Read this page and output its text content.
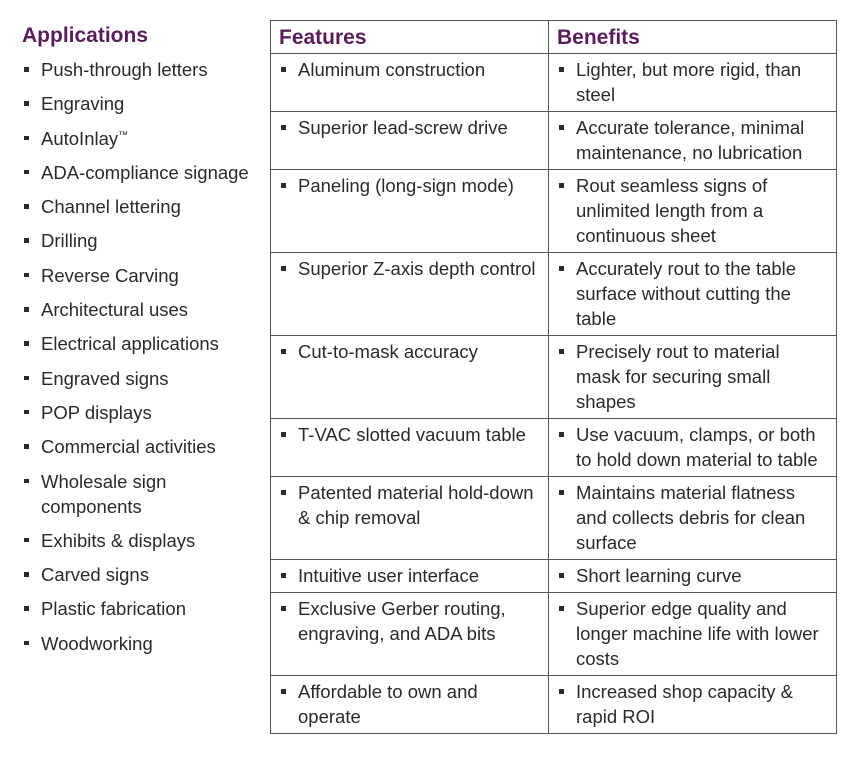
Applications
Push-through letters
Engraving
AutoInlay™
ADA-compliance signage
Channel lettering
Drilling
Reverse Carving
Architectural uses
Electrical applications
Engraved signs
POP displays
Commercial activities
Wholesale sign components
Exhibits & displays
Carved signs
Plastic fabrication
Woodworking
Features	Benefits

Aluminum construction	Lighter, but more rigid, than steel

Superior lead-screw drive	Accurate tolerance, minimal maintenance, no lubrication

Paneling (long-sign mode)	Rout seamless signs of unlimited length from a continuous sheet

Superior Z-axis depth control	Accurately rout to the table surface without cutting the table

Cut-to-mask accuracy	Precisely rout to material mask for securing small shapes

T-VAC slotted vacuum table	Use vacuum, clamps, or both to hold down material to table

Patented material hold-down & chip removal	Maintains material flatness and collects debris for clean surface

Intuitive user interface	Short learning curve

Exclusive Gerber routing, engraving, and ADA bits	Superior edge quality and longer machine life with lower costs

Affordable to own and operate	Increased shop capacity & rapid ROI
